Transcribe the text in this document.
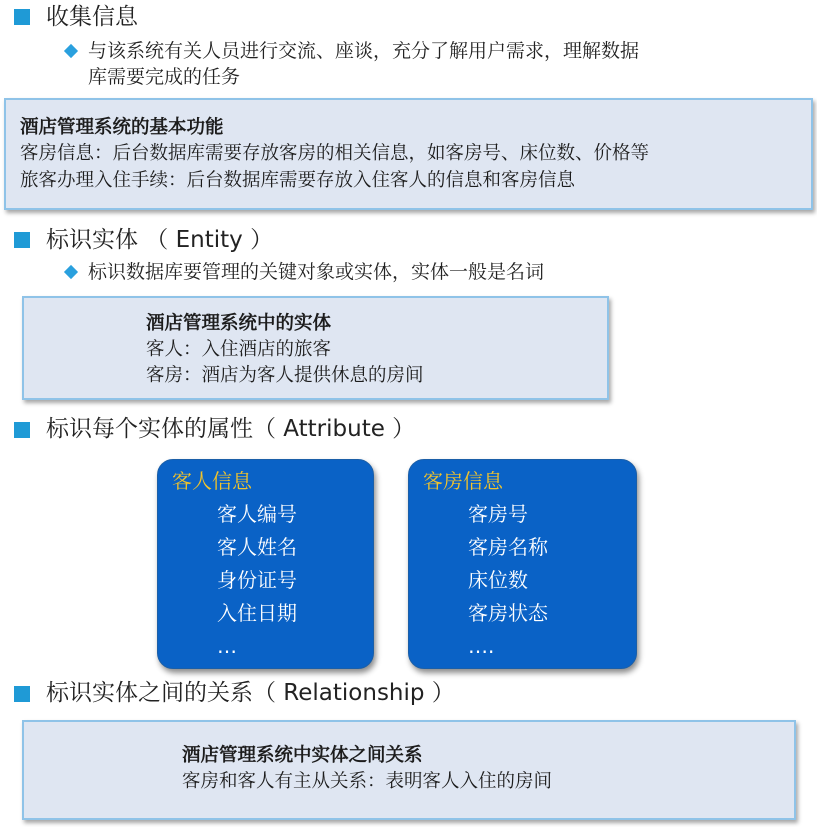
收集信息
与该系统有关人员进行交流、座谈，充分了解用户需求，理解数据
库需要完成的任务
酒店管理系统的基本功能
客房信息：后台数据库需要存放客房的相关信息，如客房号、床位数、价格等
旅客办理入住手续：后台数据库需要存放入住客人的信息和客房信息
标识实体 （ Entity ）
标识数据库要管理的关键对象或实体，实体一般是名词
酒店管理系统中的实体
客人：入住酒店的旅客
客房：酒店为客人提供休息的房间
标识每个实体的属性（ Attribute ）
客人信息
客人编号
客人姓名
身份证号
入住日期
…
客房信息
客房号
客房名称
床位数
客房状态
….
标识实体之间的关系（ Relationship ）
酒店管理系统中实体之间关系
客房和客人有主从关系：表明客人入住的房间
